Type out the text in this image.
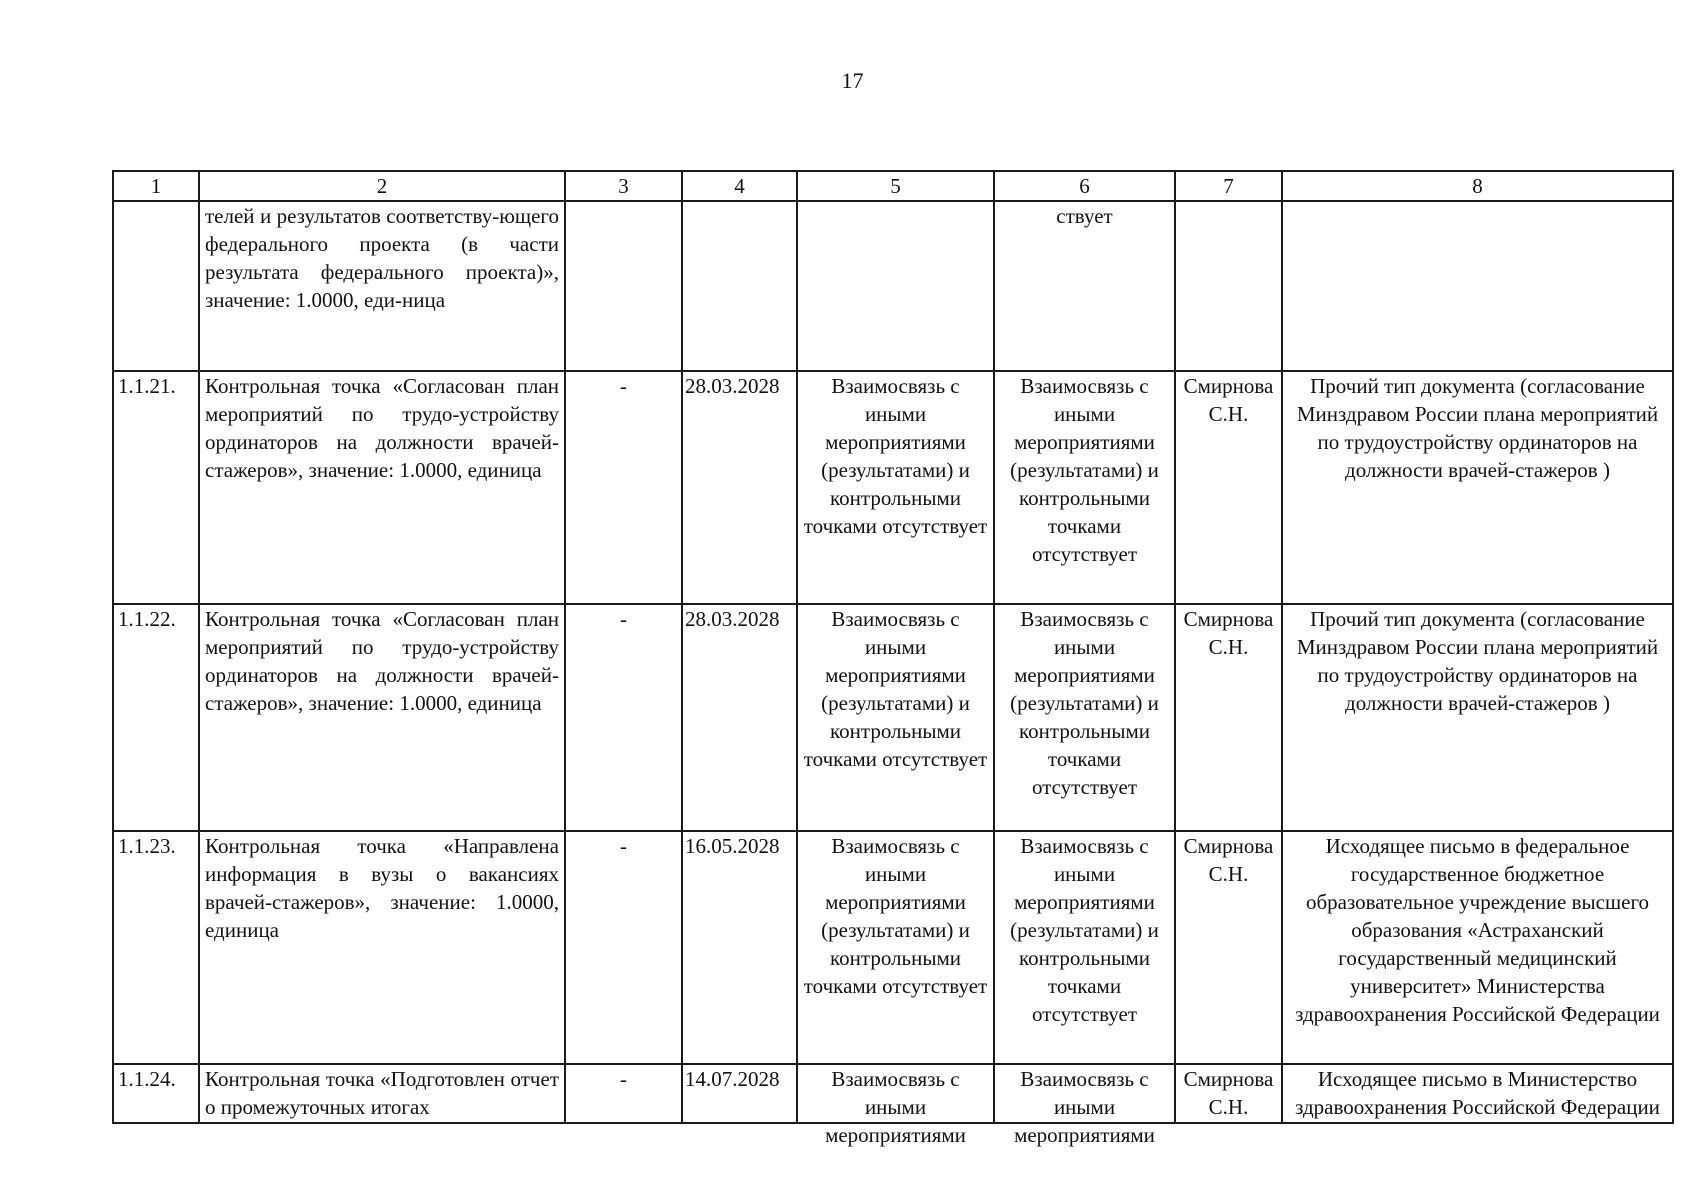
17
1	2	3	4	5	6	7	8
	телей и результатов соответству-ющего федерального проекта (в части результата федерального проекта)», значение: 1.0000, еди-ница				ствует		
1.1.21.	Контрольная точка «Согласован план мероприятий по трудо-устройству ординаторов на должности врачей-стажеров», значение: 1.0000, единица	-	28.03.2028	Взаимосвязь с иными мероприятиями (результатами) и контрольными точками отсутствует	Взаимосвязь с иными мероприятиями (результатами) и контрольными точками отсутствует	Смирнова С.Н.	Прочий тип документа (согласование Минздравом России плана мероприятий по трудоустройству ординаторов на должности врачей-стажеров )
1.1.22.	Контрольная точка «Согласован план мероприятий по трудо-устройству ординаторов на должности врачей-стажеров», значение: 1.0000, единица	-	28.03.2028	Взаимосвязь с иными мероприятиями (результатами) и контрольными точками отсутствует	Взаимосвязь с иными мероприятиями (результатами) и контрольными точками отсутствует	Смирнова С.Н.	Прочий тип документа (согласование Минздравом России плана мероприятий по трудоустройству ординаторов на должности врачей-стажеров )
1.1.23.	Контрольная точка «Направлена информация в вузы о вакансиях врачей-стажеров», значение: 1.0000, единица	-	16.05.2028	Взаимосвязь с иными мероприятиями (результатами) и контрольными точками отсутствует	Взаимосвязь с иными мероприятиями (результатами) и контрольными точками отсутствует	Смирнова С.Н.	Исходящее письмо в федеральное государственное бюджетное образовательное учреждение высшего образования «Астраханский государственный медицинский университет» Министерства здравоохранения Российской Федерации

1.1.24.	Контрольная точка «Подготовлен отчет о промежуточных итогах	-	14.07.2028	Взаимосвязь с иными мероприятиями	Взаимосвязь с иными мероприятиями	Смирнова С.Н.	Исходящее письмо в Министерство здравоохранения Российской Федерации
